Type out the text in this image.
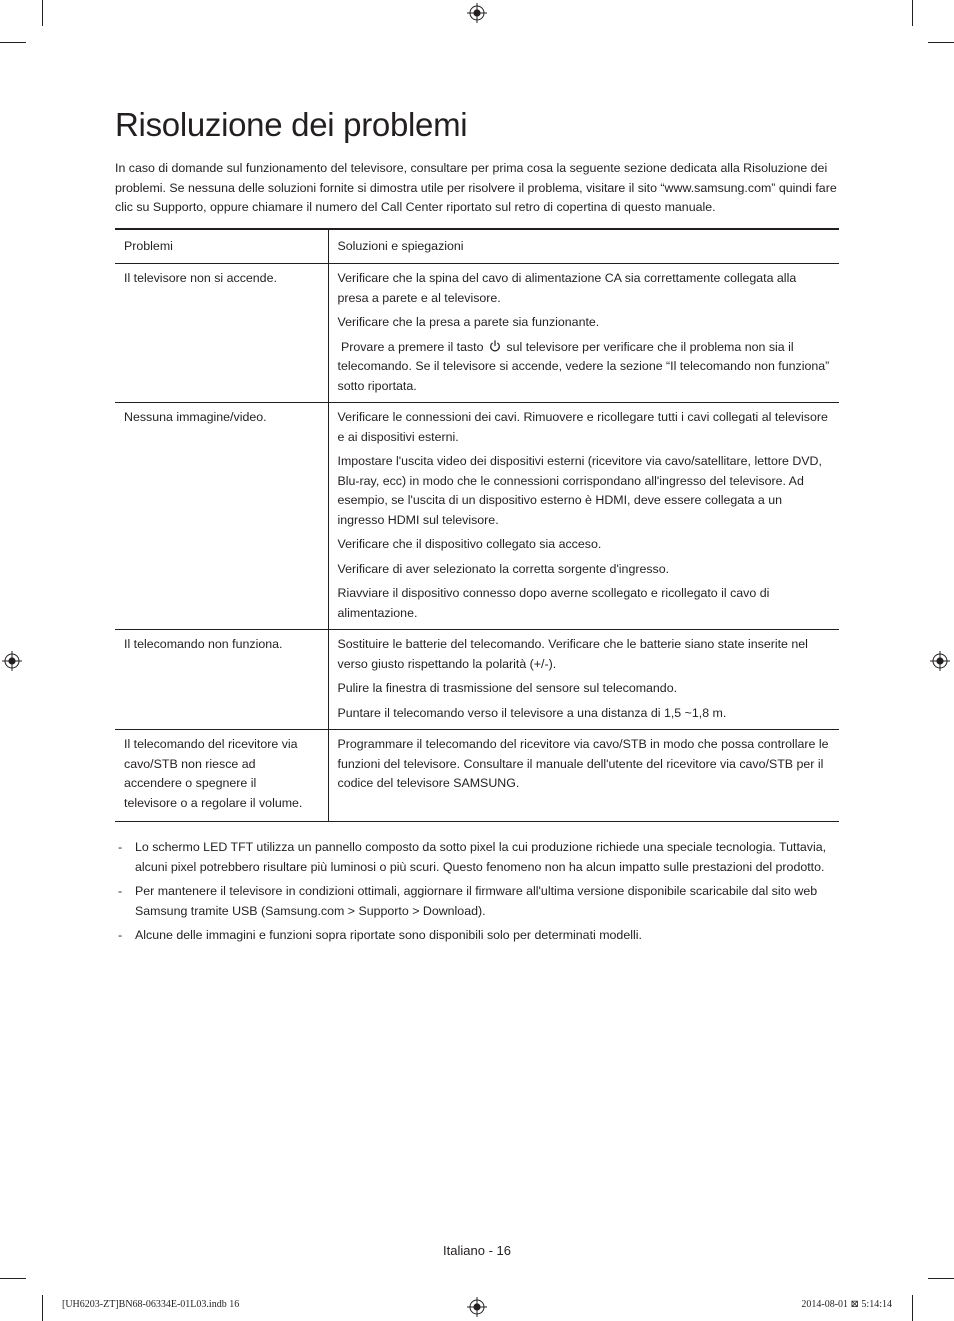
Risoluzione dei problemi

In caso di domande sul funzionamento del televisore, consultare per prima cosa la seguente sezione dedicata alla Risoluzione dei problemi. Se nessuna delle soluzioni fornite si dimostra utile per risolvere il problema, visitare il sito “www.samsung.com” quindi fare clic su Supporto, oppure chiamare il numero del Call Center riportato sul retro di copertina di questo manuale.

Problemi	Soluzioni e spiegazioni
Il televisore non si accende.	Verificare che la spina del cavo di alimentazione CA sia correttamente collegata alla presa a parete e al televisore.

Verificare che la presa a parete sia funzionante.

Provare a premere il tasto sul televisore per verificare che il problema non sia il telecomando. Se il televisore si accende, vedere la sezione “Il telecomando non funziona” sotto riportata.

Nessuna immagine/video.	Verificare le connessioni dei cavi. Rimuovere e ricollegare tutti i cavi collegati al televisore e ai dispositivi esterni.

Impostare l'uscita video dei dispositivi esterni (ricevitore via cavo/satellitare, lettore DVD, Blu-ray, ecc) in modo che le connessioni corrispondano all'ingresso del televisore. Ad esempio, se l'uscita di un dispositivo esterno è HDMI, deve essere collegata a un ingresso HDMI sul televisore.

Verificare che il dispositivo collegato sia acceso.

Verificare di aver selezionato la corretta sorgente d'ingresso.

Riavviare il dispositivo connesso dopo averne scollegato e ricollegato il cavo di alimentazione.

Il telecomando non funziona.	Sostituire le batterie del telecomando. Verificare che le batterie siano state inserite nel verso giusto rispettando la polarità (+/-).

Pulire la finestra di trasmissione del sensore sul telecomando.

Puntare il telecomando verso il televisore a una distanza di 1,5 ~1,8 m.

Il telecomando del ricevitore via cavo/STB non riesce ad accendere o spegnere il televisore o a regolare il volume.	Programmare il telecomando del ricevitore via cavo/STB in modo che possa controllare le funzioni del televisore. Consultare il manuale dell'utente del ricevitore via cavo/STB per il codice del televisore SAMSUNG.

- Lo schermo LED TFT utilizza un pannello composto da sotto pixel la cui produzione richiede una speciale tecnologia. Tuttavia, alcuni pixel potrebbero risultare più luminosi o più scuri. Questo fenomeno non ha alcun impatto sulle prestazioni del prodotto.
- Per mantenere il televisore in condizioni ottimali, aggiornare il firmware all'ultima versione disponibile scaricabile dal sito web Samsung tramite USB (Samsung.com > Supporto > Download).
- Alcune delle immagini e funzioni sopra riportate sono disponibili solo per determinati modelli.
Italiano - 16
[UH6203-ZT]BN68-06334E-01L03.indb 16	2014-08-01 ⊠ 5:14:14
